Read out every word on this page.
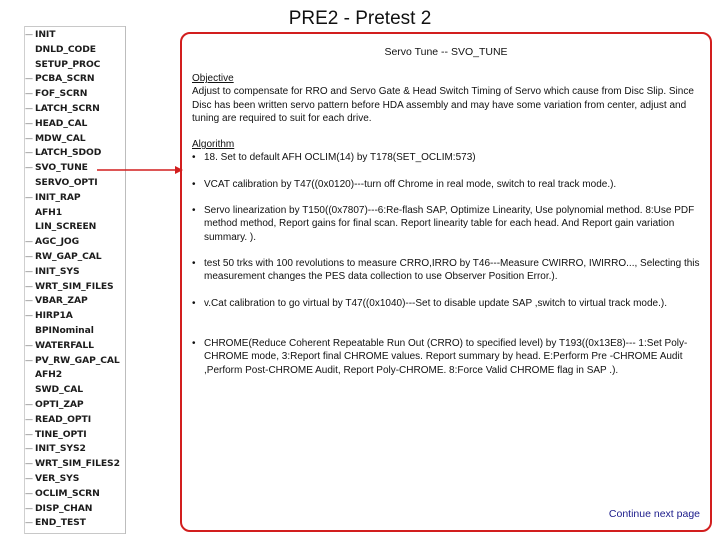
PRE2 - Pretest 2
— INIT
DNLD_CODE
SETUP_PROC
— PCBA_SCRN
— FOF_SCRN
— LATCH_SCRN
— HEAD_CAL
— MDW_CAL
— LATCH_SDOD
— SVO_TUNE
SERVO_OPTI
— INIT_RAP
AFH1
LIN_SCREEN
— AGC_JOG
— RW_GAP_CAL
— INIT_SYS
— WRT_SIM_FILES
— VBAR_ZAP
— HIRP1A
BPINominal
— WATERFALL
— PV_RW_GAP_CAL
AFH2
SWD_CAL
— OPTI_ZAP
— READ_OPTI
— TINE_OPTI
— INIT_SYS2
— WRT_SIM_FILES2
— VER_SYS
— OCLIM_SCRN
— DISP_CHAN
— END_TEST
Servo Tune -- SVO_TUNE
Objective
Adjust to compensate for RRO and Servo Gate & Head Switch Timing of Servo which cause from Disc Slip. Since Disc has been written servo pattern before HDA assembly and may have some variation from center, adjust and tuning are required to suit for each drive.
Algorithm
• 18. Set to default AFH OCLIM(14) by T178(SET_OCLIM:573)
• VCAT calibration by T47((0x0120)---turn off Chrome in real mode, switch to real track mode.).
• Servo linearization by T150((0x7807)---6:Re-flash SAP, Optimize Linearity, Use polynomial method. 8:Use PDF method method, Report gains for final scan. Report linearity table for each head. And Report gain variation summary. ).
• test 50 trks with 100 revolutions to measure CRRO,IRRO by T46---Measure CWIRRO, IWIRRO..., Selecting this measurement changes the PES data collection to use Observer Position Error.).
• v.Cat calibration to go virtual by T47((0x1040)---Set to disable update SAP ,switch to virtual track mode.).
• CHROME(Reduce Coherent Repeatable Run Out (CRRO) to specified level) by T193((0x13E8)--- 1:Set Poly-CHROME mode, 3:Report final CHROME values. Report summary by head. E:Perform Pre -CHROME Audit ,Perform Post-CHROME Audit, Report Poly-CHROME. 8:Force Valid CHROME flag in SAP .).
Continue next page
